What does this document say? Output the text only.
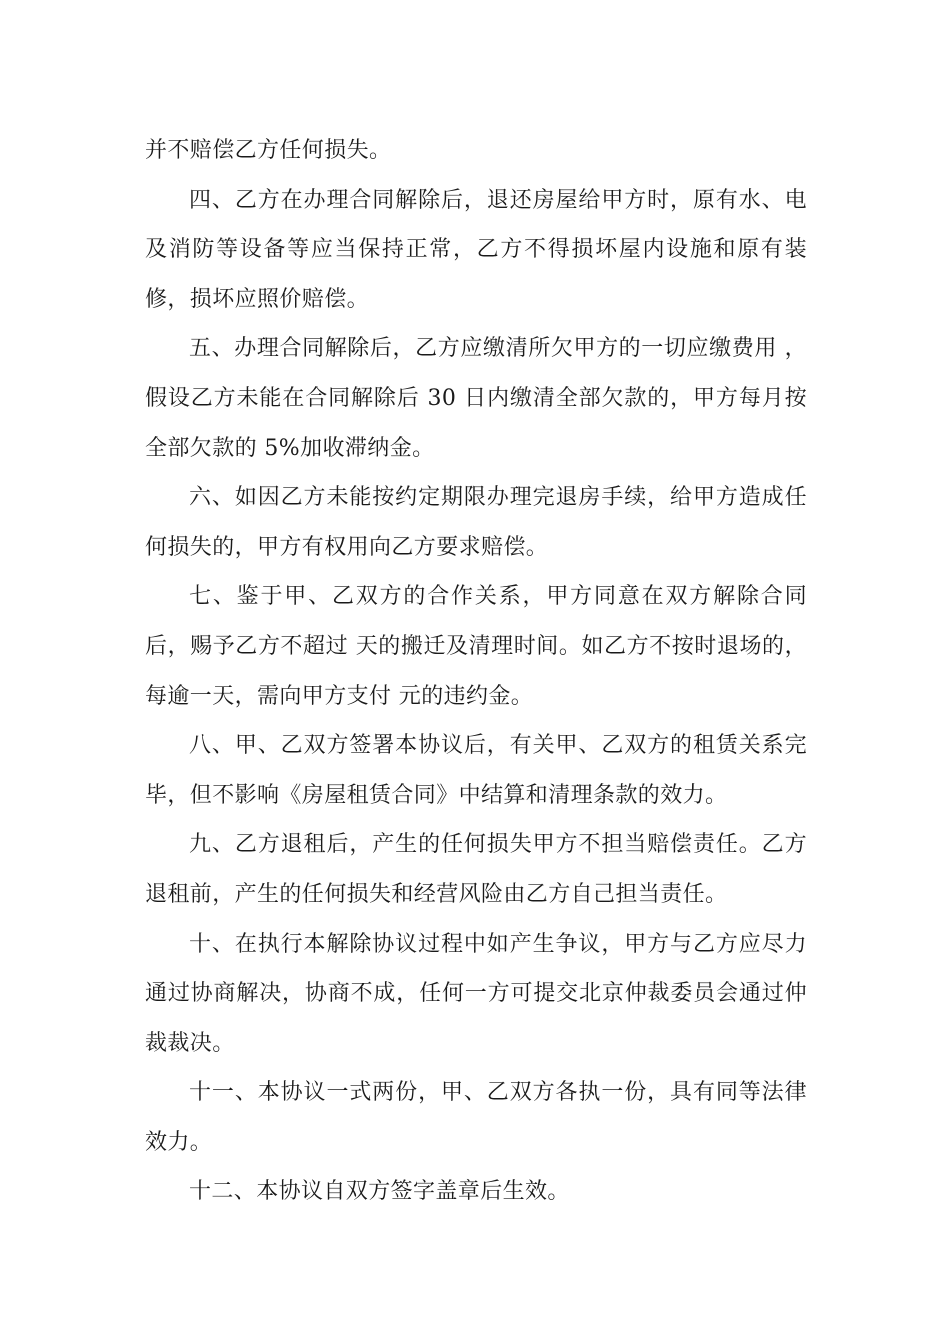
并不赔偿乙方任何损失。

四、乙方在办理合同解除后，退还房屋给甲方时，原有水、电及消防等设备等应当保持正常，乙方不得损坏屋内设施和原有装修，损坏应照价赔偿。

五、办理合同解除后，乙方应缴清所欠甲方的一切应缴费用 ，假设乙方未能在合同解除后 30 日内缴清全部欠款的，甲方每月按全部欠款的 5%加收滞纳金。

六、如因乙方未能按约定期限办理完退房手续，给甲方造成任何损失的，甲方有权用向乙方要求赔偿。

七、鉴于甲、乙双方的合作关系，甲方同意在双方解除合同后，赐予乙方不超过 天的搬迁及清理时间。如乙方不按时退场的，每逾一天，需向甲方支付 元的违约金。

八、甲、乙双方签署本协议后，有关甲、乙双方的租赁关系完毕，但不影响《房屋租赁合同》中结算和清理条款的效力。

九、乙方退租后，产生的任何损失甲方不担当赔偿责任。乙方退租前，产生的任何损失和经营风险由乙方自己担当责任。

十、在执行本解除协议过程中如产生争议，甲方与乙方应尽力通过协商解决，协商不成，任何一方可提交北京仲裁委员会通过仲裁裁决。

十一、本协议一式两份，甲、乙双方各执一份，具有同等法律效力。

十二、本协议自双方签字盖章后生效。
